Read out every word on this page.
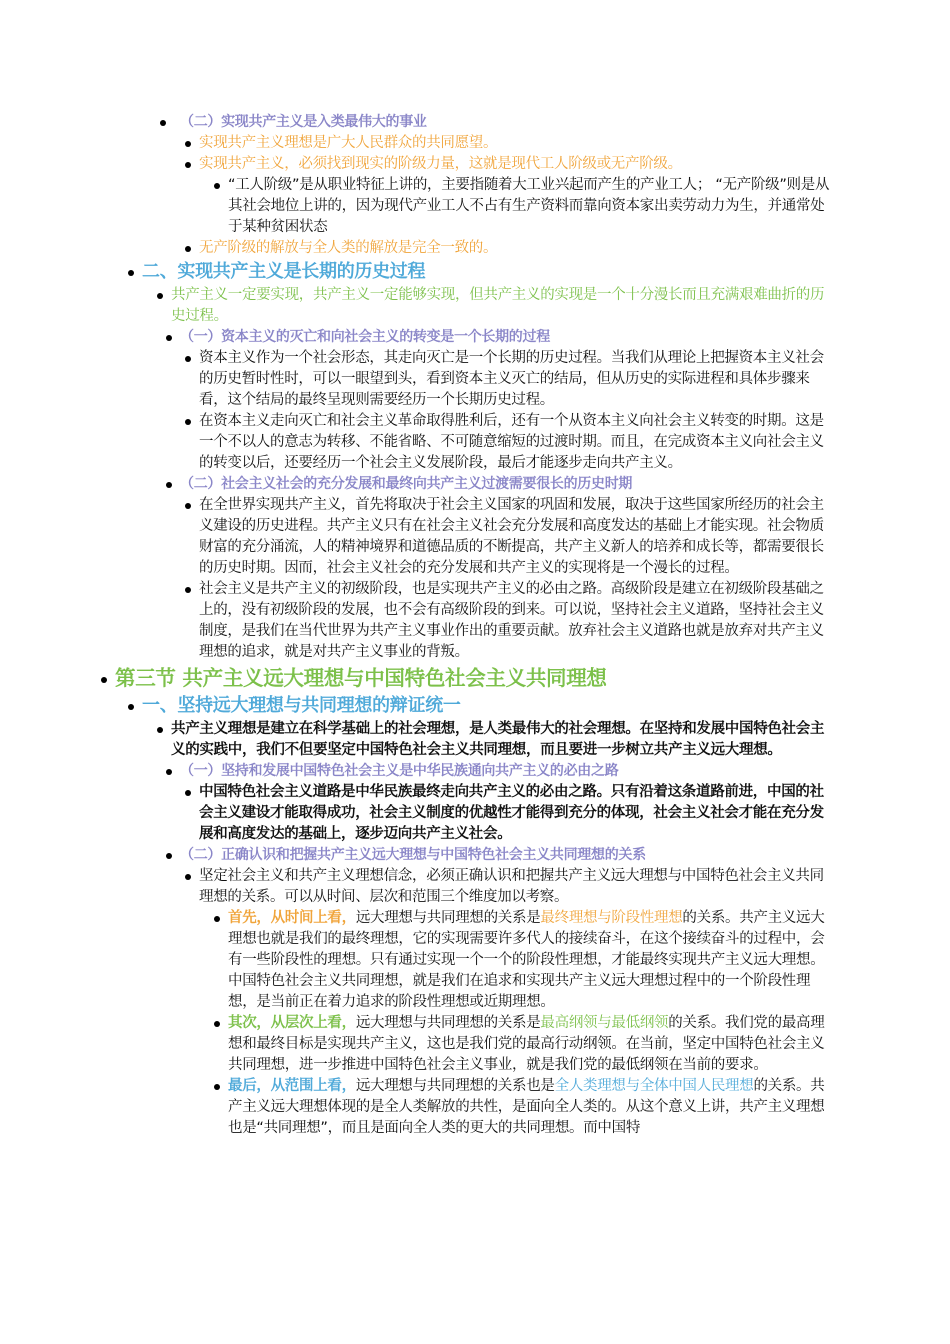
（二）实现共产主义是入类最伟大的事业
实现共产主义理想是广大人民群众的共同愿望。
实现共产主义，必须找到现实的阶级力量，这就是现代工人阶级或无产阶级。
“工人阶级”是从职业特征上讲的，主要指随着大工业兴起而产生的产业工人； “无产阶级”则是从其社会地位上讲的，因为现代产业工人不占有生产资料而靠向资本家出卖劳动力为生，并通常处于某种贫困状态
无产阶级的解放与全人类的解放是完全一致的。
二、实现共产主义是长期的历史过程
共产主义一定要实现，共产主义一定能够实现，但共产主义的实现是一个十分漫长而且充满艰难曲折的历史过程。
（一）资本主义的灭亡和向社会主义的转变是一个长期的过程
资本主义作为一个社会形态，其走向灭亡是一个长期的历史过程。当我们从理论上把握资本主义社会的历史暂时性时，可以一眼望到头，看到资本主义灭亡的结局，但从历史的实际进程和具体步骤来看，这个结局的最终呈现则需要经历一个长期历史过程。
在资本主义走向灭亡和社会主义革命取得胜利后，还有一个从资本主义向社会主义转变的时期。这是一个不以人的意志为转移、不能省略、不可随意缩短的过渡时期。而且，在完成资本主义向社会主义的转变以后，还要经历一个社会主义发展阶段，最后才能逐步走向共产主义。
（二）社会主义社会的充分发展和最终向共产主义过渡需要很长的历史时期
在全世界实现共产主义，首先将取决于社会主义国家的巩固和发展，取决于这些国家所经历的社会主义建设的历史进程。共产主义只有在社会主义社会充分发展和高度发达的基础上才能实现。社会物质财富的充分涌流，人的精神境界和道德品质的不断提高，共产主义新人的培养和成长等，都需要很长的历史时期。因而，社会主义社会的充分发展和共产主义的实现将是一个漫长的过程。
社会主义是共产主义的初级阶段，也是实现共产主义的必由之路。高级阶段是建立在初级阶段基础之上的，没有初级阶段的发展，也不会有高级阶段的到来。可以说，坚持社会主义道路，坚持社会主义制度，是我们在当代世界为共产主义事业作出的重要贡献。放弃社会主义道路也就是放弃对共产主义理想的追求，就是对共产主义事业的背叛。
第三节 共产主义远大理想与中国特色社会主义共同理想
一、坚持远大理想与共同理想的辩证统一
共产主义理想是建立在科学基础上的社会理想，是人类最伟大的社会理想。在坚持和发展中国特色社会主义的实践中，我们不但要坚定中国特色社会主义共同理想，而且要进一步树立共产主义远大理想。
（一）坚持和发展中国特色社会主义是中华民族通向共产主义的必由之路
中国特色社会主义道路是中华民族最终走向共产主义的必由之路。只有沿着这条道路前进，中国的社会主义建设才能取得成功，社会主义制度的优越性才能得到充分的体现，社会主义社会才能在充分发展和高度发达的基础上，逐步迈向共产主义社会。
（二）正确认识和把握共产主义远大理想与中国特色社会主义共同理想的关系
坚定社会主义和共产主义理想信念，必须正确认识和把握共产主义远大理想与中国特色社会主义共同理想的关系。可以从时间、层次和范围三个维度加以考察。
首先，从时间上看，远大理想与共同理想的关系是最终理想与阶段性理想的关系。共产主义远大理想也就是我们的最终理想，它的实现需要许多代人的接续奋斗，在这个接续奋斗的过程中，会有一些阶段性的理想。只有通过实现一个一个的阶段性理想，才能最终实现共产主义远大理想。中国特色社会主义共同理想，就是我们在追求和实现共产主义远大理想过程中的一个阶段性理想，是当前正在着力追求的阶段性理想或近期理想。
其次，从层次上看，远大理想与共同理想的关系是最高纲领与最低纲领的关系。我们党的最高理想和最终目标是实现共产主义，这也是我们党的最高行动纲领。在当前，坚定中国特色社会主义共同理想，进一步推进中国特色社会主义事业，就是我们党的最低纲领在当前的要求。
最后，从范围上看，远大理想与共同理想的关系也是全人类理想与全体中国人民理想的关系。共产主义远大理想体现的是全人类解放的共性，是面向全人类的。从这个意义上讲，共产主义理想也是“共同理想”，而且是面向全人类的更大的共同理想。而中国特
